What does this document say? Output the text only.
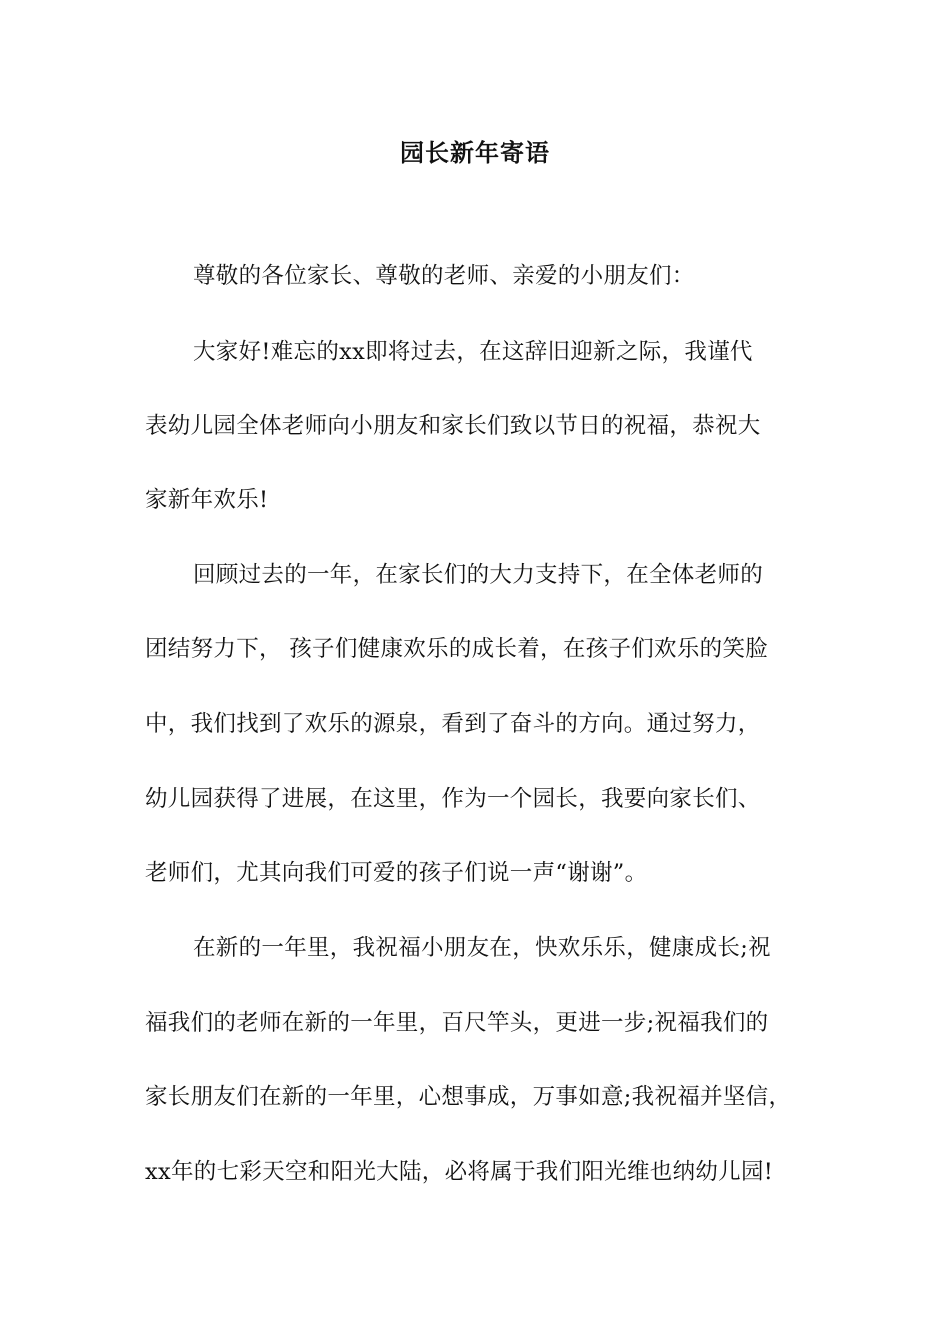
园长新年寄语
尊敬的各位家长、尊敬的老师、亲爱的小朋友们：
大家好!难忘的xx即将过去，在这辞旧迎新之际，我谨代
表幼儿园全体老师向小朋友和家长们致以节日的祝福，恭祝大
家新年欢乐!
回顾过去的一年，在家长们的大力支持下，在全体老师的
团结努力下， 孩子们健康欢乐的成长着，在孩子们欢乐的笑脸
中，我们找到了欢乐的源泉，看到了奋斗的方向。通过努力，
幼儿园获得了进展，在这里，作为一个园长，我要向家长们、
老师们，尤其向我们可爱的孩子们说一声“谢谢”。
在新的一年里，我祝福小朋友在，快欢乐乐，健康成长;祝
福我们的老师在新的一年里，百尺竿头，更进一步;祝福我们的
家长朋友们在新的一年里，心想事成，万事如意;我祝福并坚信，
xx年的七彩天空和阳光大陆，必将属于我们阳光维也纳幼儿园!
